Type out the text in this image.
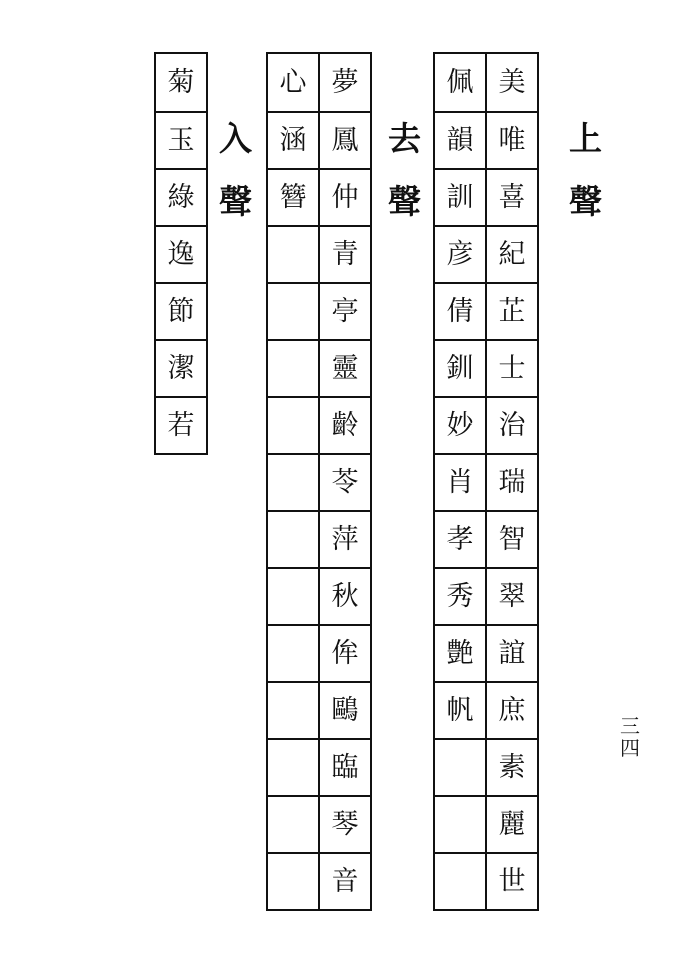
上
聲
佩
韻
訓
彦
倩
釧
妙
肖
孝
秀
艶
帆
美
唯
喜
紀
芷
士
治
瑞
智
翠
誼
庶
素
麗
世
去
聲
心
涵
簪
夢
鳳
仲
青
亭
靈
齡
苓
萍
秋
侔
鷗
臨
琴
音
入
聲
菊
玉
綠
逸
節
潔
若
三
四
